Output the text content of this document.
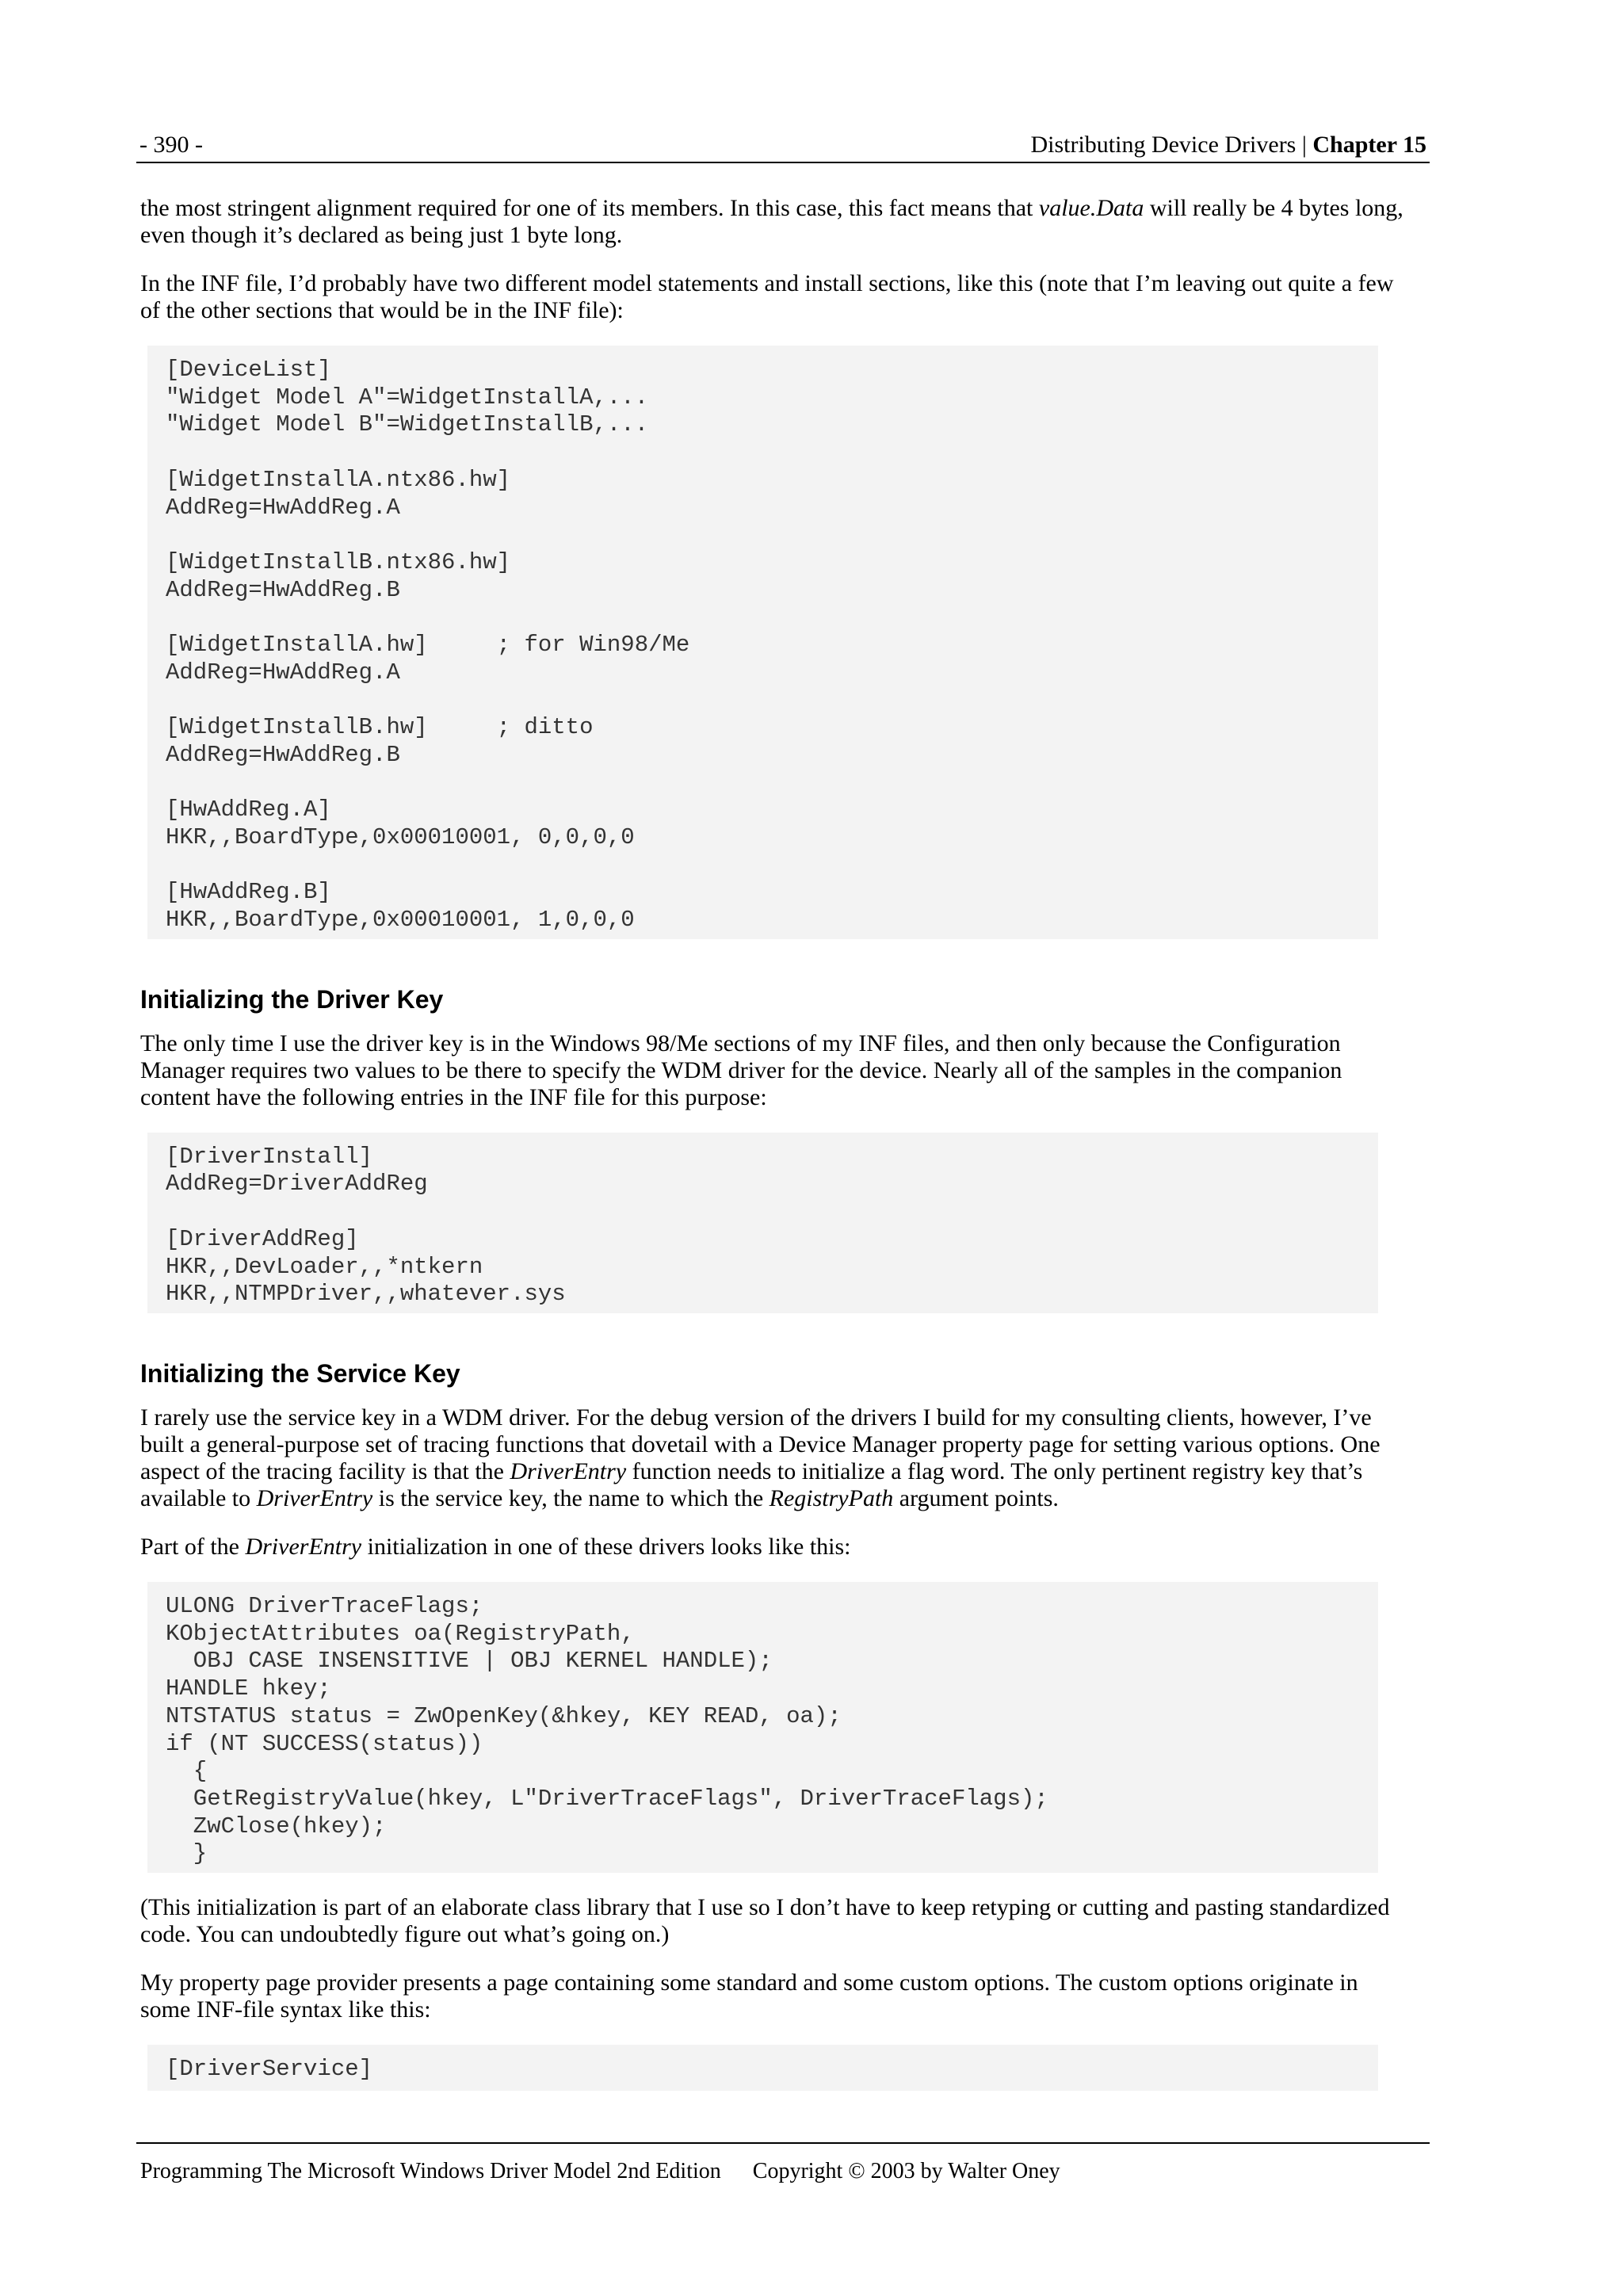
- 390 -	Distributing Device Drivers | Chapter 15

the most stringent alignment required for one of its members. In this case, this fact means that value.Data will really be 4 bytes long, even though it’s declared as being just 1 byte long.

In the INF file, I’d probably have two different model statements and install sections, like this (note that I’m leaving out quite a few of the other sections that would be in the INF file):

[DeviceList]
"Widget Model A"=WidgetInstallA,...
"Widget Model B"=WidgetInstallB,...

[WidgetInstallA.ntx86.hw]
AddReg=HwAddReg.A

[WidgetInstallB.ntx86.hw]
AddReg=HwAddReg.B

[WidgetInstallA.hw]     ; for Win98/Me
AddReg=HwAddReg.A

[WidgetInstallB.hw]     ; ditto
AddReg=HwAddReg.B

[HwAddReg.A]
HKR,,BoardType,0x00010001, 0,0,0,0

[HwAddReg.B]
HKR,,BoardType,0x00010001, 1,0,0,0
Initializing the Driver Key

The only time I use the driver key is in the Windows 98/Me sections of my INF files, and then only because the Configuration Manager requires two values to be there to specify the WDM driver for the device. Nearly all of the samples in the companion content have the following entries in the INF file for this purpose:

[DriverInstall]
AddReg=DriverAddReg

[DriverAddReg]
HKR,,DevLoader,,*ntkern
HKR,,NTMPDriver,,whatever.sys
Initializing the Service Key

I rarely use the service key in a WDM driver. For the debug version of the drivers I build for my consulting clients, however, I’ve built a general-purpose set of tracing functions that dovetail with a Device Manager property page for setting various options. One aspect of the tracing facility is that the DriverEntry function needs to initialize a flag word. The only pertinent registry key that’s available to DriverEntry is the service key, the name to which the RegistryPath argument points.

Part of the DriverEntry initialization in one of these drivers looks like this:

ULONG DriverTraceFlags;
KObjectAttributes oa(RegistryPath,
OBJ CASE INSENSITIVE | OBJ KERNEL HANDLE);
HANDLE hkey;
NTSTATUS status = ZwOpenKey(&hkey, KEY READ, oa);
if (NT SUCCESS(status))
{
GetRegistryValue(hkey, L"DriverTraceFlags", DriverTraceFlags);
ZwClose(hkey);
}

(This initialization is part of an elaborate class library that I use so I don’t have to keep retyping or cutting and pasting standardized code. You can undoubtedly figure out what’s going on.)

My property page provider presents a page containing some standard and some custom options. The custom options originate in some INF-file syntax like this:

[DriverService]
Programming The Microsoft Windows Driver Model 2nd Edition Copyright © 2003 by Walter Oney
